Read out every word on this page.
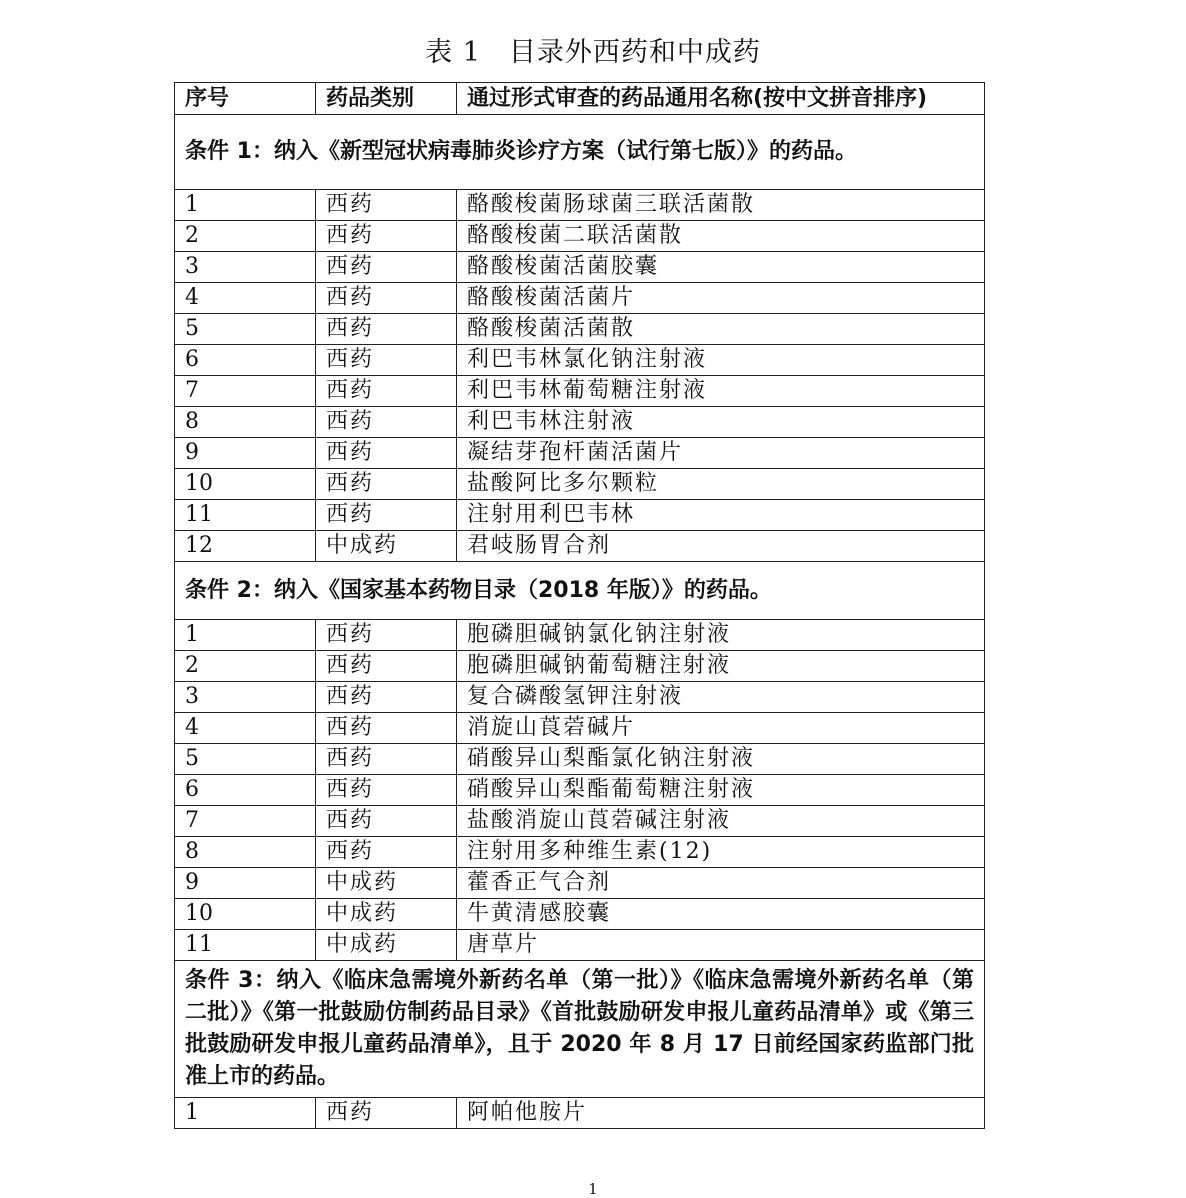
表 1　目录外西药和中成药
序号	药品类别	通过形式审查的药品通用名称(按中文拼音排序)
条件 1：纳入《新型冠状病毒肺炎诊疗方案（试行第七版）》的药品。		
1	西药	酪酸梭菌肠球菌三联活菌散
2	西药	酪酸梭菌二联活菌散
3	西药	酪酸梭菌活菌胶囊
4	西药	酪酸梭菌活菌片
5	西药	酪酸梭菌活菌散
6	西药	利巴韦林氯化钠注射液
7	西药	利巴韦林葡萄糖注射液
8	西药	利巴韦林注射液
9	西药	凝结芽孢杆菌活菌片
10	西药	盐酸阿比多尔颗粒
11	西药	注射用利巴韦林
12	中成药	君岐肠胃合剂
条件 2：纳入《国家基本药物目录（2018 年版）》的药品。		
1	西药	胞磷胆碱钠氯化钠注射液
2	西药	胞磷胆碱钠葡萄糖注射液
3	西药	复合磷酸氢钾注射液
4	西药	消旋山莨菪碱片
5	西药	硝酸异山梨酯氯化钠注射液
6	西药	硝酸异山梨酯葡萄糖注射液
7	西药	盐酸消旋山莨菪碱注射液
8	西药	注射用多种维生素(12)
9	中成药	藿香正气合剂
10	中成药	牛黄清感胶囊
11	中成药	唐草片
条件 3：纳入《临床急需境外新药名单（第一批）》《临床急需境外新药名单（第二批）》《第一批鼓励仿制药品目录》《首批鼓励研发申报儿童药品清单》或《第三批鼓励研发申报儿童药品清单》，且于 2020 年 8 月 17 日前经国家药监部门批准上市的药品。		
1	西药	阿帕他胺片
1
